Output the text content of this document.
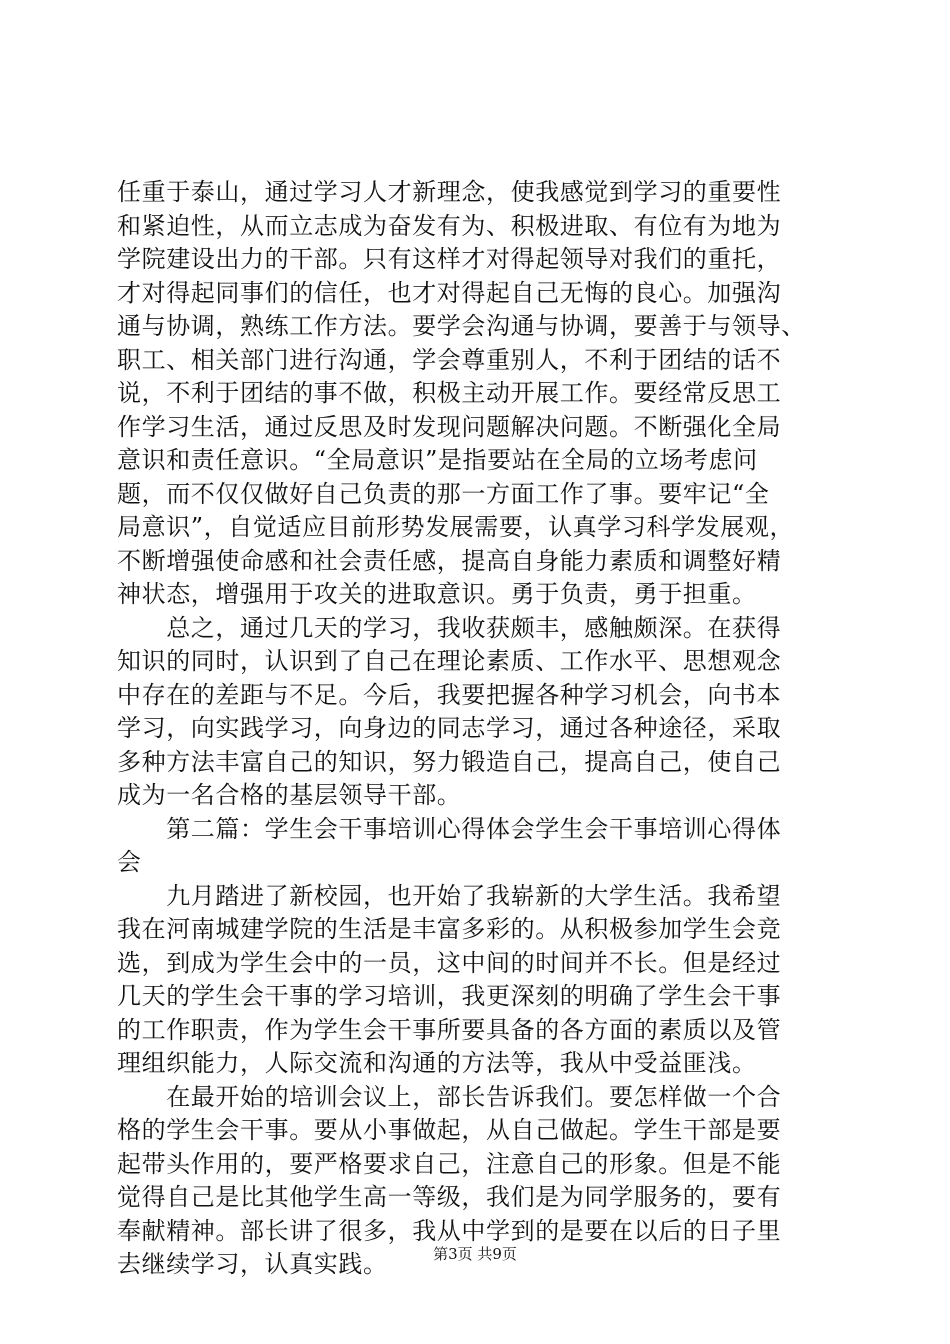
任重于泰山，通过学习人才新理念，使我感觉到学习的重要性
和紧迫性，从而立志成为奋发有为、积极进取、有位有为地为
学院建设出力的干部。只有这样才对得起领导对我们的重托，
才对得起同事们的信任，也才对得起自己无悔的良心。加强沟
通与协调，熟练工作方法。要学会沟通与协调，要善于与领导、
职工、相关部门进行沟通，学会尊重别人，不利于团结的话不
说，不利于团结的事不做，积极主动开展工作。要经常反思工
作学习生活，通过反思及时发现问题解决问题。不断强化全局
意识和责任意识。“全局意识”是指要站在全局的立场考虑问
题，而不仅仅做好自己负责的那一方面工作了事。要牢记“全
局意识”，自觉适应目前形势发展需要，认真学习科学发展观，
不断增强使命感和社会责任感，提高自身能力素质和调整好精
神状态，增强用于攻关的进取意识。勇于负责，勇于担重。
　　总之，通过几天的学习，我收获颇丰，感触颇深。在获得
知识的同时，认识到了自己在理论素质、工作水平、思想观念
中存在的差距与不足。今后，我要把握各种学习机会，向书本
学习，向实践学习，向身边的同志学习，通过各种途径，采取
多种方法丰富自己的知识，努力锻造自己，提高自己，使自己
成为一名合格的基层领导干部。
　　第二篇：学生会干事培训心得体会学生会干事培训心得体
会
　　九月踏进了新校园，也开始了我崭新的大学生活。我希望
我在河南城建学院的生活是丰富多彩的。从积极参加学生会竞
选，到成为学生会中的一员，这中间的时间并不长。但是经过
几天的学生会干事的学习培训，我更深刻的明确了学生会干事
的工作职责，作为学生会干事所要具备的各方面的素质以及管
理组织能力，人际交流和沟通的方法等，我从中受益匪浅。
　　在最开始的培训会议上，部长告诉我们。要怎样做一个合
格的学生会干事。要从小事做起，从自己做起。学生干部是要
起带头作用的，要严格要求自己，注意自己的形象。但是不能
觉得自己是比其他学生高一等级，我们是为同学服务的，要有
奉献精神。部长讲了很多，我从中学到的是要在以后的日子里
去继续学习，认真实践。	第3页 共9页
